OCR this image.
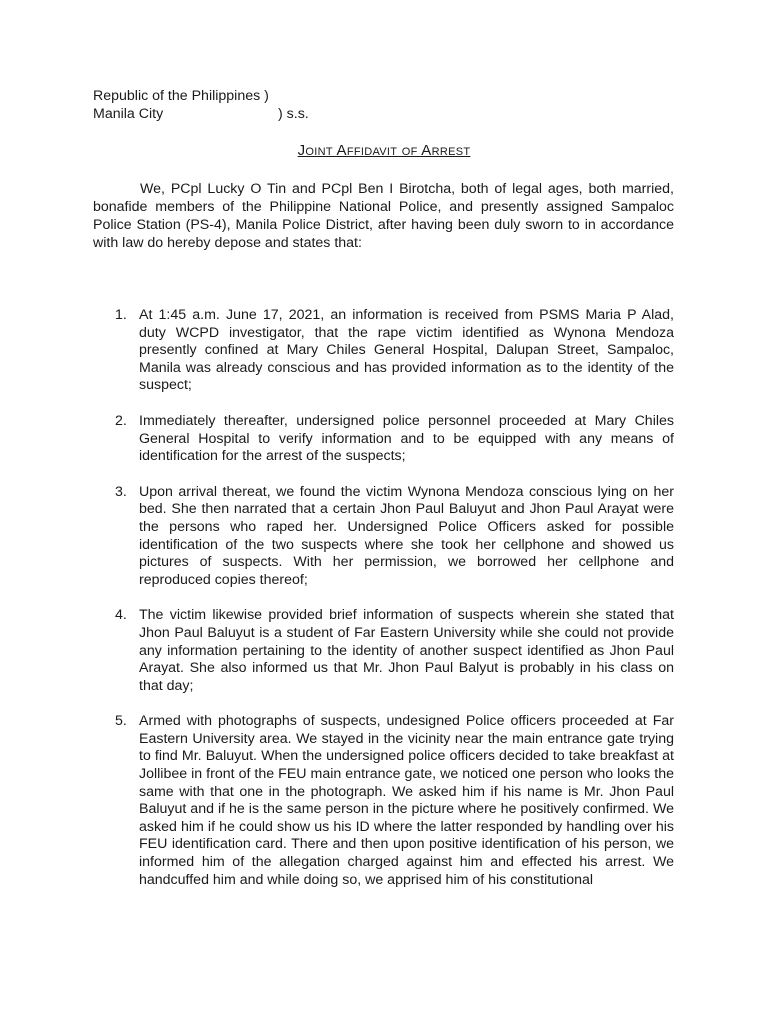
Republic of the Philippines )
Manila City	) s.s.
Joint Affidavit of Arrest

We, PCpl Lucky O Tin and PCpl Ben I Birotcha, both of legal ages, both married, bonafide members of the Philippine National Police, and presently assigned Sampaloc Police Station (PS-4), Manila Police District, after having been duly sworn to in accordance with law do hereby depose and states that:

1. At 1:45 a.m. June 17, 2021, an information is received from PSMS Maria P Alad, duty WCPD investigator, that the rape victim identified as Wynona Mendoza presently confined at Mary Chiles General Hospital, Dalupan Street, Sampaloc, Manila was already conscious and has provided information as to the identity of the suspect;
2. Immediately thereafter, undersigned police personnel proceeded at Mary Chiles General Hospital to verify information and to be equipped with any means of identification for the arrest of the suspects;
3. Upon arrival thereat, we found the victim Wynona Mendoza conscious lying on her bed. She then narrated that a certain Jhon Paul Baluyut and Jhon Paul Arayat were the persons who raped her. Undersigned Police Officers asked for possible identification of the two suspects where she took her cellphone and showed us pictures of suspects. With her permission, we borrowed her cellphone and reproduced copies thereof;
4. The victim likewise provided brief information of suspects wherein she stated that Jhon Paul Baluyut is a student of Far Eastern University while she could not provide any information pertaining to the identity of another suspect identified as Jhon Paul Arayat. She also informed us that Mr. Jhon Paul Balyut is probably in his class on that day;
5. Armed with photographs of suspects, undesigned Police officers proceeded at Far Eastern University area. We stayed in the vicinity near the main entrance gate trying to find Mr. Baluyut. When the undersigned police officers decided to take breakfast at Jollibee in front of the FEU main entrance gate, we noticed one person who looks the same with that one in the photograph. We asked him if his name is Mr. Jhon Paul Baluyut and if he is the same person in the picture where he positively confirmed. We asked him if he could show us his ID where the latter responded by handling over his FEU identification card. There and then upon positive identification of his person, we informed him of the allegation charged against him and effected his arrest. We handcuffed him and while doing so, we apprised him of his constitutional
